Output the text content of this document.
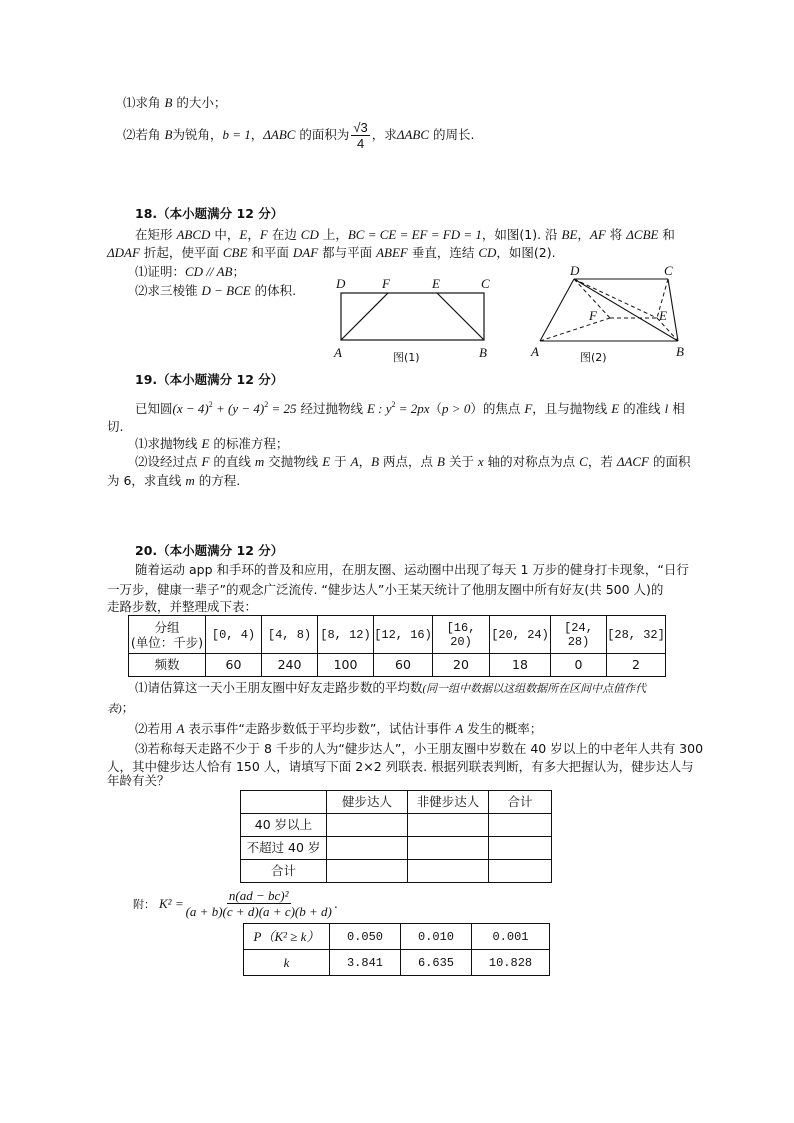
⑴求角 B 的大小；
⑵若角 B为锐角，b = 1，ΔABC 的面积为 $\frac{√3}{4}$ ，求ΔABC 的周长.
18.（本小题满分 12 分）
在矩形 ABCD 中，E，F 在边 CD 上，BC = CE = EF = FD = 1，如图(1). 沿 BE，AF 将 ΔCBE 和
ΔDAF 折起，使平面 CBE 和平面 DAF 都与平面 ABEF 垂直，连结 CD，如图(2).
⑴证明：CD // AB；
⑵求三棱锥 D − BCE 的体积.	D	F	E	C
A	B
图(1)
D	C
F	E
A	B
图(2)
19.（本小题满分 12 分）
已知圆$(x - 4)^2 + (y - 4)^2 = 25$ 经过抛物线 E : $y^2 = 2px(p > 0)$的焦点 F，且与抛物线 E 的准线 l 相
切.
⑴求抛物线 E 的标准方程；
⑵设经过点 F 的直线 m 交抛物线 E 于 A，B 两点，点 B 关于 x 轴的对称点为点 C，若 ΔACF 的面积
为 6，求直线 m 的方程.
20.（本小题满分 12 分）
随着运动 app 和手环的普及和应用，在朋友圈、运动圈中出现了每天 1 万步的健身打卡现象，“日行
一万步，健康一辈子”的观念广泛流传. “健步达人”小王某天统计了他朋友圈中所有好友(共 500 人)的
走路步数，并整理成下表：
分组
(单位：千步)	[0, 4)	[4, 8)	[8, 12)	[12, 16)	[16, 20)	[20, 24)	[24, 28)	[28, 32]
频数	60	240	100	60	20	18	0	2
⑴请估算这一天小王朋友圈中好友走路步数的平均数(同一组中数据以这组数据所在区间中点值作代
表)；
⑵若用 A 表示事件“走路步数低于平均步数”，试估计事件 A 发生的概率；
⑶若称每天走路不少于 8 千步的人为“健步达人”，小王朋友圈中岁数在 40 岁以上的中老年人共有 300
人，其中健步达人恰有 150 人，请填写下面 2×2 列联表. 根据列联表判断，有多大把握认为，健步达人与
年龄有关？
	健步达人	非健步达人	合计
40 岁以上			
不超过 40 岁			
合计			
附： $K^2 = \frac{\text{n(ad − bc)²}}{(a + b)(c + d)(a + c)(b + d)}$ .
P（K² ≥ k）	0.050	0.010	0.001
k	3.841	6.635	10.828
